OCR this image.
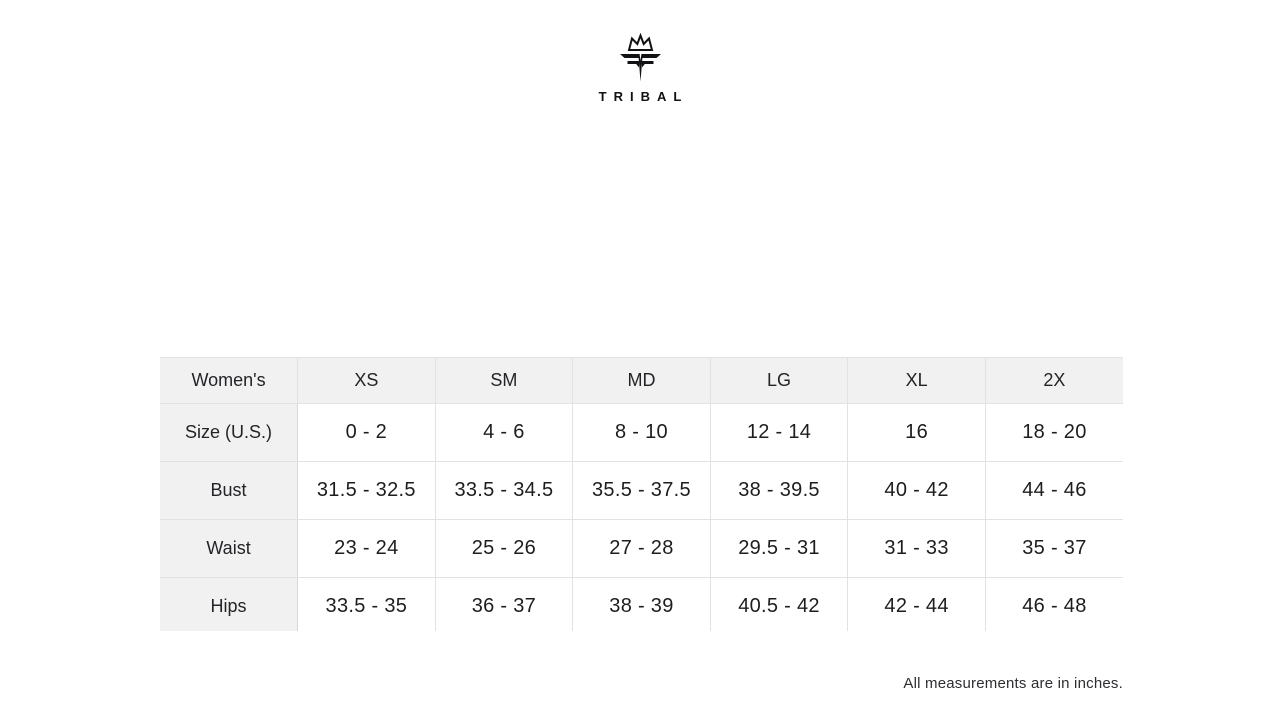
TRIBAL
Women's	XS	SM	MD	LG	XL	2X
Size (U.S.)	0 - 2	4 - 6	8 - 10	12 - 14	16	18 - 20
Bust	31.5 - 32.5	33.5 - 34.5	35.5 - 37.5	38 - 39.5	40 - 42	44 - 46
Waist	23 - 24	25 - 26	27 - 28	29.5 - 31	31 - 33	35 - 37
Hips	33.5 - 35	36 - 37	38 - 39	40.5 - 42	42 - 44	46 - 48
All measurements are in inches.
